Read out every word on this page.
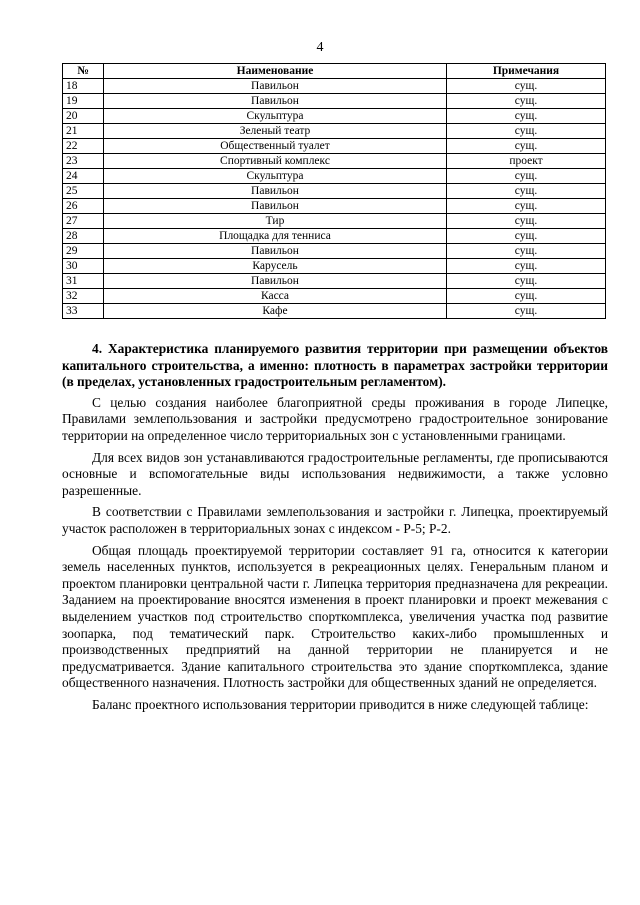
4
№	Наименование	Примечания
18	Павильон	сущ.
19	Павильон	сущ.
20	Скульптура	сущ.
21	Зеленый театр	сущ.
22	Общественный туалет	сущ.
23	Спортивный комплекс	проект
24	Скульптура	сущ.
25	Павильон	сущ.
26	Павильон	сущ.
27	Тир	сущ.
28	Площадка для тенниса	сущ.
29	Павильон	сущ.
30	Карусель	сущ.
31	Павильон	сущ.
32	Касса	сущ.
33	Кафе	сущ.

4. Характеристика планируемого развития территории при размещении объектов капитального строительства, а именно: плотность в параметрах застройки территории (в пределах, установленных градостроительным регламентом).

С целью создания наиболее благоприятной среды проживания в городе Липецке, Правилами землепользования и застройки предусмотрено градостроительное зонирование территории на определенное число территориальных зон с установленными границами.

Для всех видов зон устанавливаются градостроительные регламенты, где прописываются основные и вспомогательные виды использования недвижимости, а также условно разрешенные.

В соответствии с Правилами землепользования и застройки г. Липецка, проектируемый участок расположен в территориальных зонах с индексом - Р-5; Р-2.

Общая площадь проектируемой территории составляет 91 га, относится к категории земель населенных пунктов, используется в рекреационных целях. Генеральным планом и проектом планировки центральной части г. Липецка территория предназначена для рекреации. Заданием на проектирование вносятся изменения в проект планировки и проект межевания с выделением участков под строительство спорткомплекса, увеличения участка под развитие зоопарка, под тематический парк. Строительство каких-либо промышленных и производственных предприятий на данной территории не планируется и не предусматривается. Здание капитального строительства это здание спорткомплекса, здание общественного назначения. Плотность застройки для общественных зданий не определяется.

Баланс проектного использования территории приводится в ниже следующей таблице:
